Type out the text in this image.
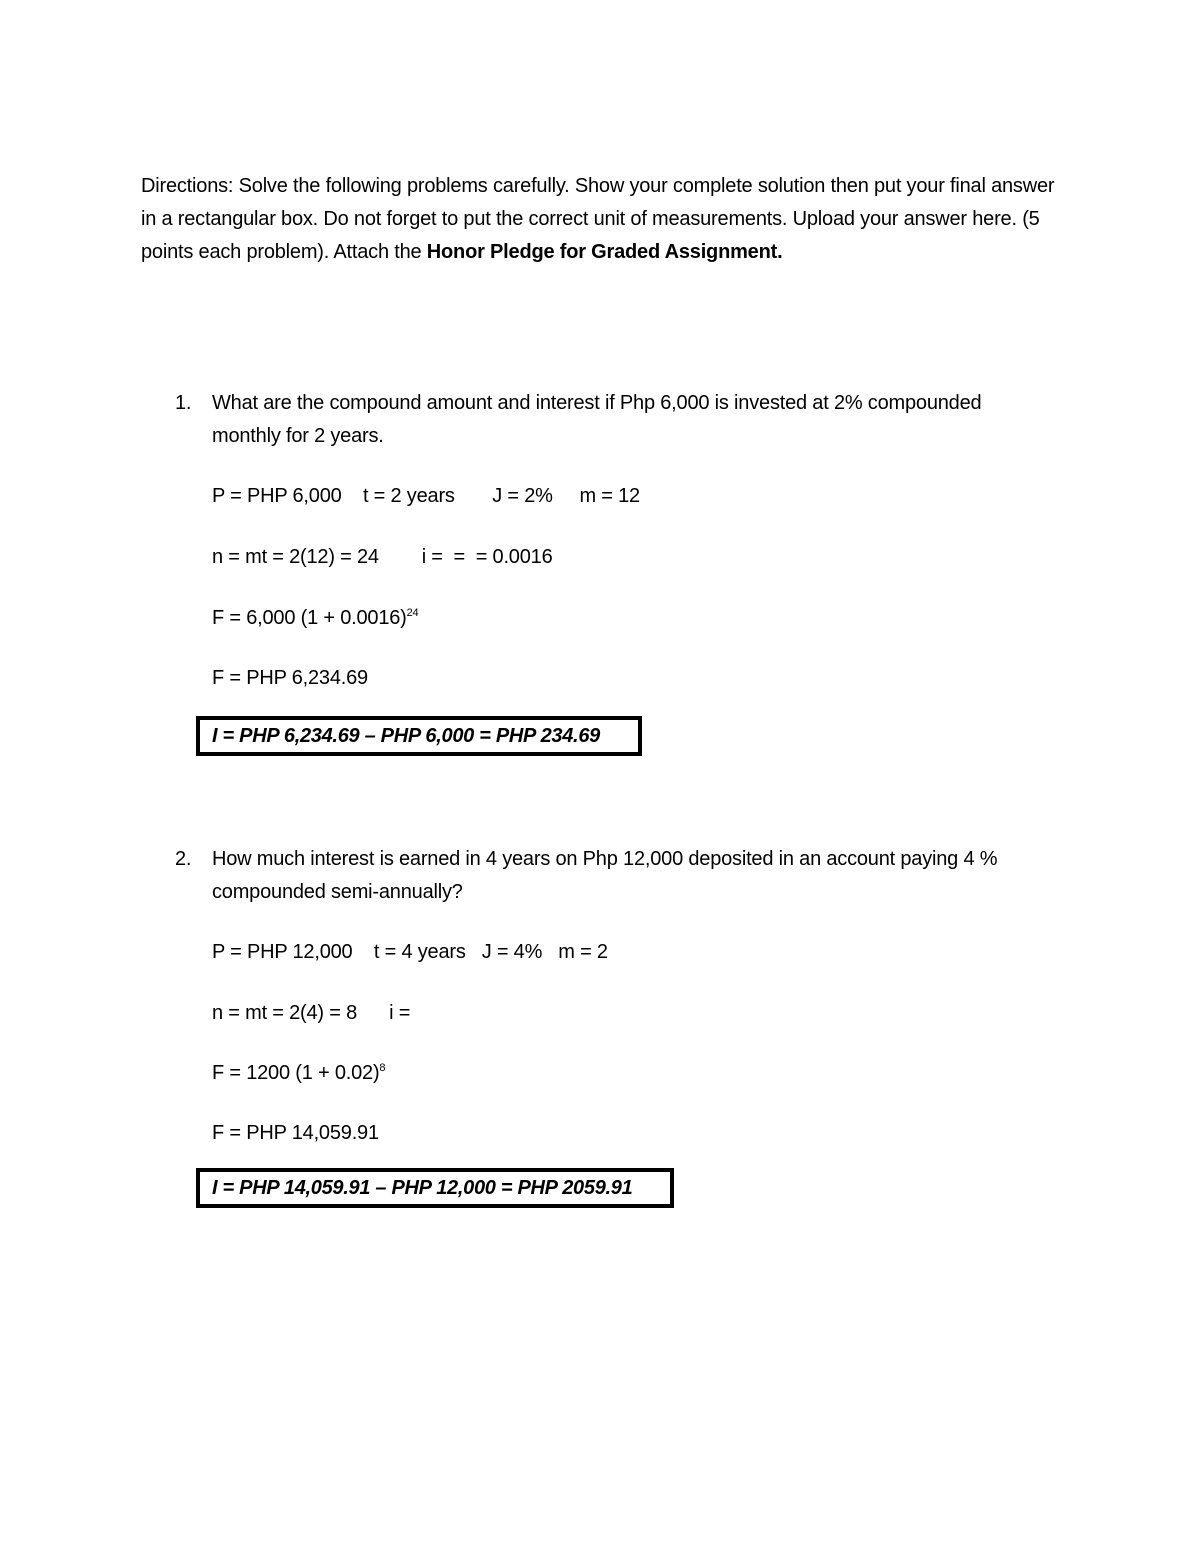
Directions: Solve the following problems carefully. Show your complete solution then put your final answer in a rectangular box. Do not forget to put the correct unit of measurements. Upload your answer here. (5 points each problem). Attach the Honor Pledge for Graded Assignment.
1. What are the compound amount and interest if Php 6,000 is invested at 2% compounded monthly for 2 years.
P = PHP 6,000    t = 2 years       J = 2%     m = 12
n = mt = 2(12) = 24        i =  =  = 0.0016
F = 6,000 $(1 + 0.0016)^{24}$
F = PHP 6,234.69
I = PHP 6,234.69 – PHP 6,000 = PHP 234.69
2. How much interest is earned in 4 years on Php 12,000 deposited in an account paying 4 % compounded semi-annually?
P = PHP 12,000    t = 4 years   J = 4%   m = 2
n = mt = 2(4) = 8      i =
F = 1200 $(1 + 0.02)^8$
F = PHP 14,059.91
I = PHP 14,059.91 – PHP 12,000 = PHP 2059.91
